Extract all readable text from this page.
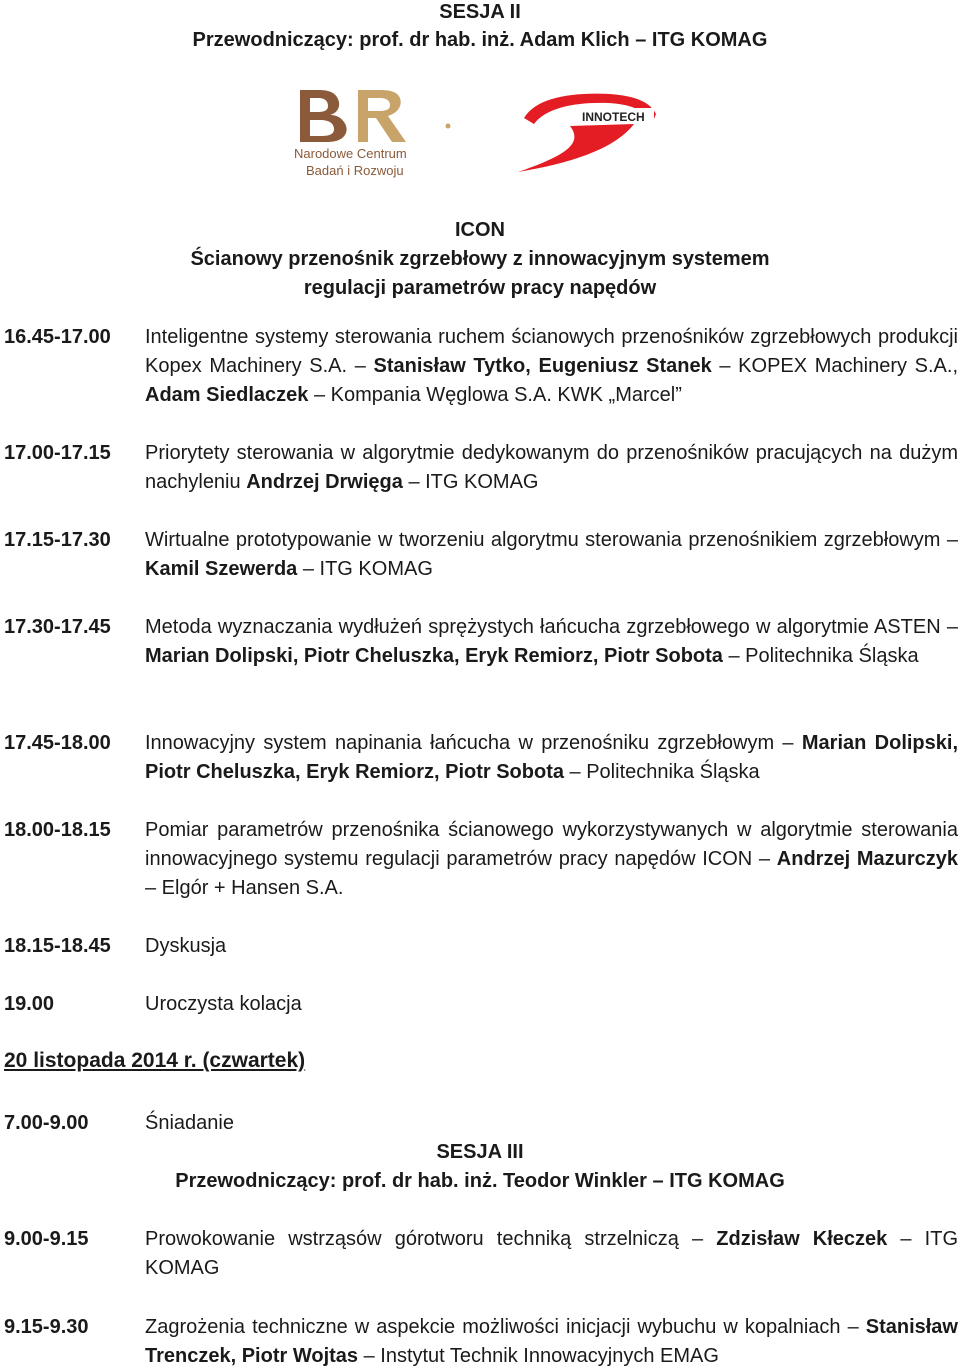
SESJA II
Przewodniczący: prof. dr hab. inż. Adam Klich – ITG KOMAG
Narodowe Centrum
Badań i Rozwoju
INNOTECH
ICON
Ścianowy przenośnik zgrzebłowy z innowacyjnym systemem
regulacji parametrów pracy napędów
16.45-17.00	Inteligentne systemy sterowania ruchem ścianowych przenośników zgrzebłowych produkcji Kopex Machinery S.A. – Stanisław Tytko, Eugeniusz Stanek – KOPEX Machinery S.A., Adam Siedlaczek – Kompania Węglowa S.A. KWK „Marcel”
17.00-17.15	Priorytety sterowania w algorytmie dedykowanym do przenośników pracujących na dużym nachyleniu Andrzej Drwięga – ITG KOMAG
17.15-17.30	Wirtualne prototypowanie w tworzeniu algorytmu sterowania przenośnikiem zgrzebłowym – Kamil Szewerda – ITG KOMAG
17.30-17.45	Metoda wyznaczania wydłużeń sprężystych łańcucha zgrzebłowego w algorytmie ASTEN – Marian Dolipski, Piotr Cheluszka, Eryk Remiorz, Piotr Sobota – Politechnika Śląska
17.45-18.00	Innowacyjny system napinania łańcucha w przenośniku zgrzebłowym – Marian Dolipski, Piotr Cheluszka, Eryk Remiorz, Piotr Sobota – Politechnika Śląska
18.00-18.15	Pomiar parametrów przenośnika ścianowego wykorzystywanych w algorytmie sterowania innowacyjnego systemu regulacji parametrów pracy napędów ICON – Andrzej Mazurczyk – Elgór + Hansen S.A.
18.15-18.45	Dyskusja
19.00	Uroczysta kolacja
20 listopada 2014 r. (czwartek)
7.00-9.00	Śniadanie
SESJA III
Przewodniczący: prof. dr hab. inż. Teodor Winkler – ITG KOMAG
9.00-9.15	Prowokowanie wstrząsów górotworu techniką strzelniczą – Zdzisław Kłeczek – ITG KOMAG
9.15-9.30	Zagrożenia techniczne w aspekcie możliwości inicjacji wybuchu w kopalniach – Stanisław Trenczek, Piotr Wojtas – Instytut Technik Innowacyjnych EMAG
